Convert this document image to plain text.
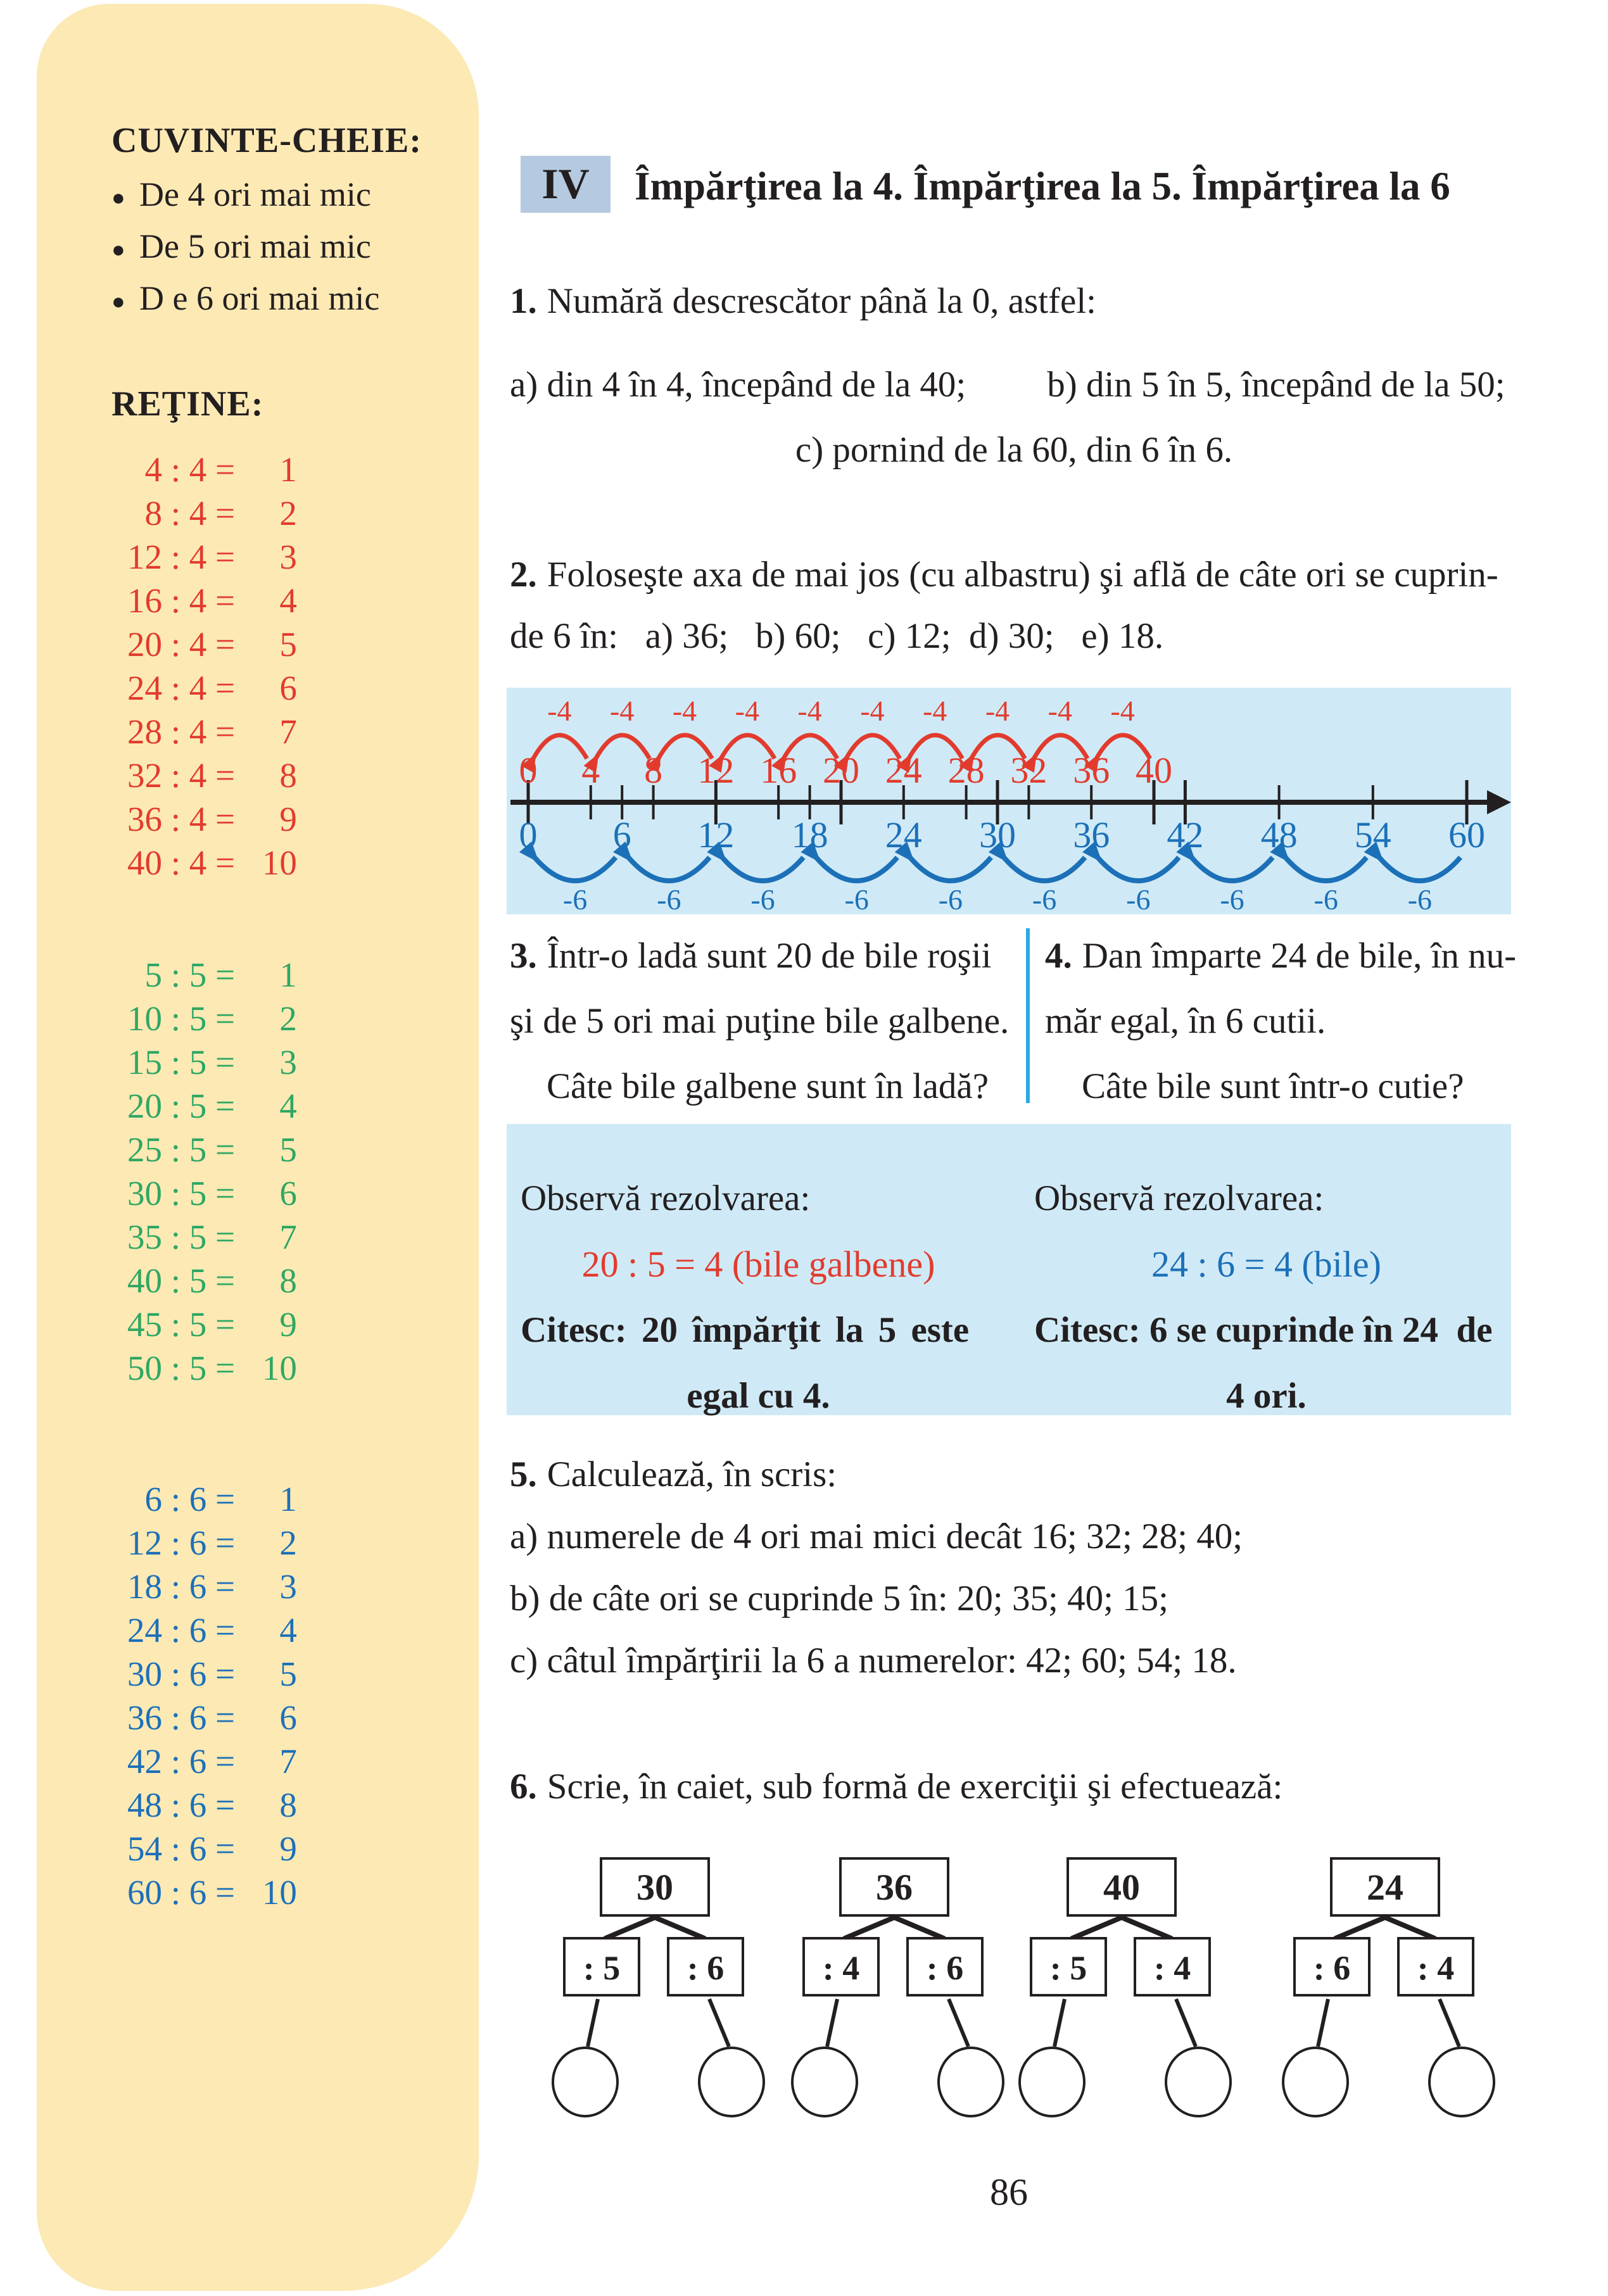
CUVINTE-CHEIE:
● De 4 ori mai mic
● De 5 ori mai mic
● D e 6 ori mai mic
REŢINE:
4 : 4 =	1
8 : 4 =	2
12 : 4 =	3
16 : 4 =	4
20 : 4 =	5
24 : 4 =	6
28 : 4 =	7
32 : 4 =	8
36 : 4 =	9
40 : 4 = 10
5 : 5 =	1
10 : 5 =	2
15 : 5 =	3
20 : 5 =	4
25 : 5 =	5
30 : 5 =	6
35 : 5 =	7
40 : 5 =	8
45 : 5 =	9
50 : 5 = 10
6 : 6 =	1
12 : 6 =	2
18 : 6 =	3
24 : 6 =	4
30 : 6 =	5
36 : 6 =	6
42 : 6 =	7
48 : 6 =	8
54 : 6 =	9
60 : 6 = 10
IV	Împărţirea la 4. Împărţirea la 5. Împărţirea la 6
1. Numără descrescător până la 0, astfel:
a) din 4 în 4, începând de la 40; b) din 5 în 5, începând de la 50;
c) pornind de la 60, din 6 în 6.
2. Foloseşte axa de mai jos (cu albastru) şi află de câte ori se cuprin-
de 6 în:   a) 36;   b) 60;   c) 12;  d) 30;   e) 18.
0 4 8 12 16 20 24 28 32 36 40
-4 -4 -4 -4 -4 -4 -4 -4 -4 -4
0 6 12 18 24 30 36 42 48 54 60
-6 -6 -6 -6 -6 -6 -6 -6 -6 -6
3. Într-o ladă sunt 20 de bile roşii
şi de 5 ori mai puţine bile galbene.
Câte bile galbene sunt în ladă?
4. Dan împarte 24 de bile, în nu-
măr egal, în 6 cutii.
Câte bile sunt într-o cutie?
Observă rezolvarea:
20 : 5 = 4 (bile galbene)
Citesc: 20 împărţit la 5 este
egal cu 4.
Observă rezolvarea:
24 : 6 = 4 (bile)
Citesc: 6 se cuprinde în 24  de
4 ori.
5. Calculează, în scris:
a) numerele de 4 ori mai mici decât 16; 32; 28; 40;
b) de câte ori se cuprinde 5 în: 20; 35; 40; 15;
c) câtul împărţirii la 6 a numerelor: 42; 60; 54; 18.
6. Scrie, în caiet, sub formă de exerciţii şi efectuează:
30
: 5 : 6
36
: 4 : 6
40
: 5 : 4
24
: 6 : 4
86
